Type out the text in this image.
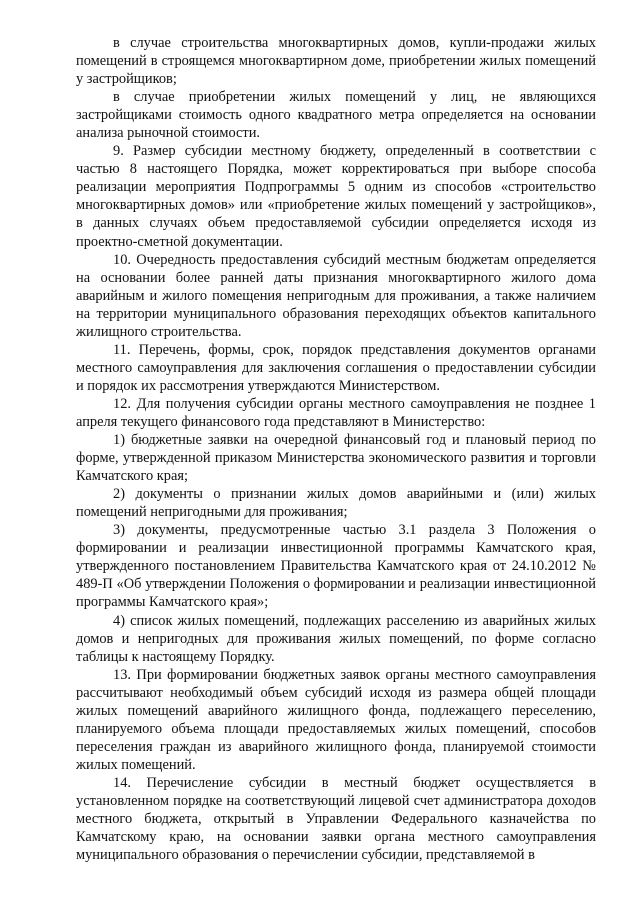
в случае строительства многоквартирных домов, купли-продажи жилых помещений в строящемся многоквартирном доме, приобретении жилых помещений у застройщиков;

в случае приобретении жилых помещений у лиц, не являющихся застройщиками стоимость одного квадратного метра определяется на основании анализа рыночной стоимости.

9. Размер субсидии местному бюджету, определенный в соответствии с частью 8 настоящего Порядка, может корректироваться при выборе способа реализации мероприятия Подпрограммы 5 одним из способов «строительство многоквартирных домов» или «приобретение жилых помещений у застройщиков», в данных случаях объем предоставляемой субсидии определяется исходя из проектно-сметной документации.

10. Очередность предоставления субсидий местным бюджетам определяется на основании более ранней даты признания многоквартирного жилого дома аварийным и жилого помещения непригодным для проживания, а также наличием на территории муниципального образования переходящих объектов капитального жилищного строительства.

11. Перечень, формы, срок, порядок представления документов органами местного самоуправления для заключения соглашения о предоставлении субсидии и порядок их рассмотрения утверждаются Министерством.

12. Для получения субсидии органы местного самоуправления не позднее 1 апреля текущего финансового года представляют в Министерство:

1) бюджетные заявки на очередной финансовый год и плановый период по форме, утвержденной приказом Министерства экономического развития и торговли Камчатского края;

2) документы о признании жилых домов аварийными и (или) жилых помещений непригодными для проживания;

3) документы, предусмотренные частью 3.1 раздела 3 Положения о формировании и реализации инвестиционной программы Камчатского края, утвержденного постановлением Правительства Камчатского края от 24.10.2012 № 489-П «Об утверждении Положения о формировании и реализации инвестиционной программы Камчатского края»;

4) список жилых помещений, подлежащих расселению из аварийных жилых домов и непригодных для проживания жилых помещений, по форме согласно таблицы к настоящему Порядку.

13. При формировании бюджетных заявок органы местного самоуправления рассчитывают необходимый объем субсидий исходя из размера общей площади жилых помещений аварийного жилищного фонда, подлежащего переселению, планируемого объема площади предоставляемых жилых помещений, способов переселения граждан из аварийного жилищного фонда, планируемой стоимости жилых помещений.

14. Перечисление субсидии в местный бюджет осуществляется в установленном порядке на соответствующий лицевой счет администратора доходов местного бюджета, открытый в Управлении Федерального казначейства по Камчатскому краю, на основании заявки органа местного самоуправления муниципального образования о перечислении субсидии, представляемой в
